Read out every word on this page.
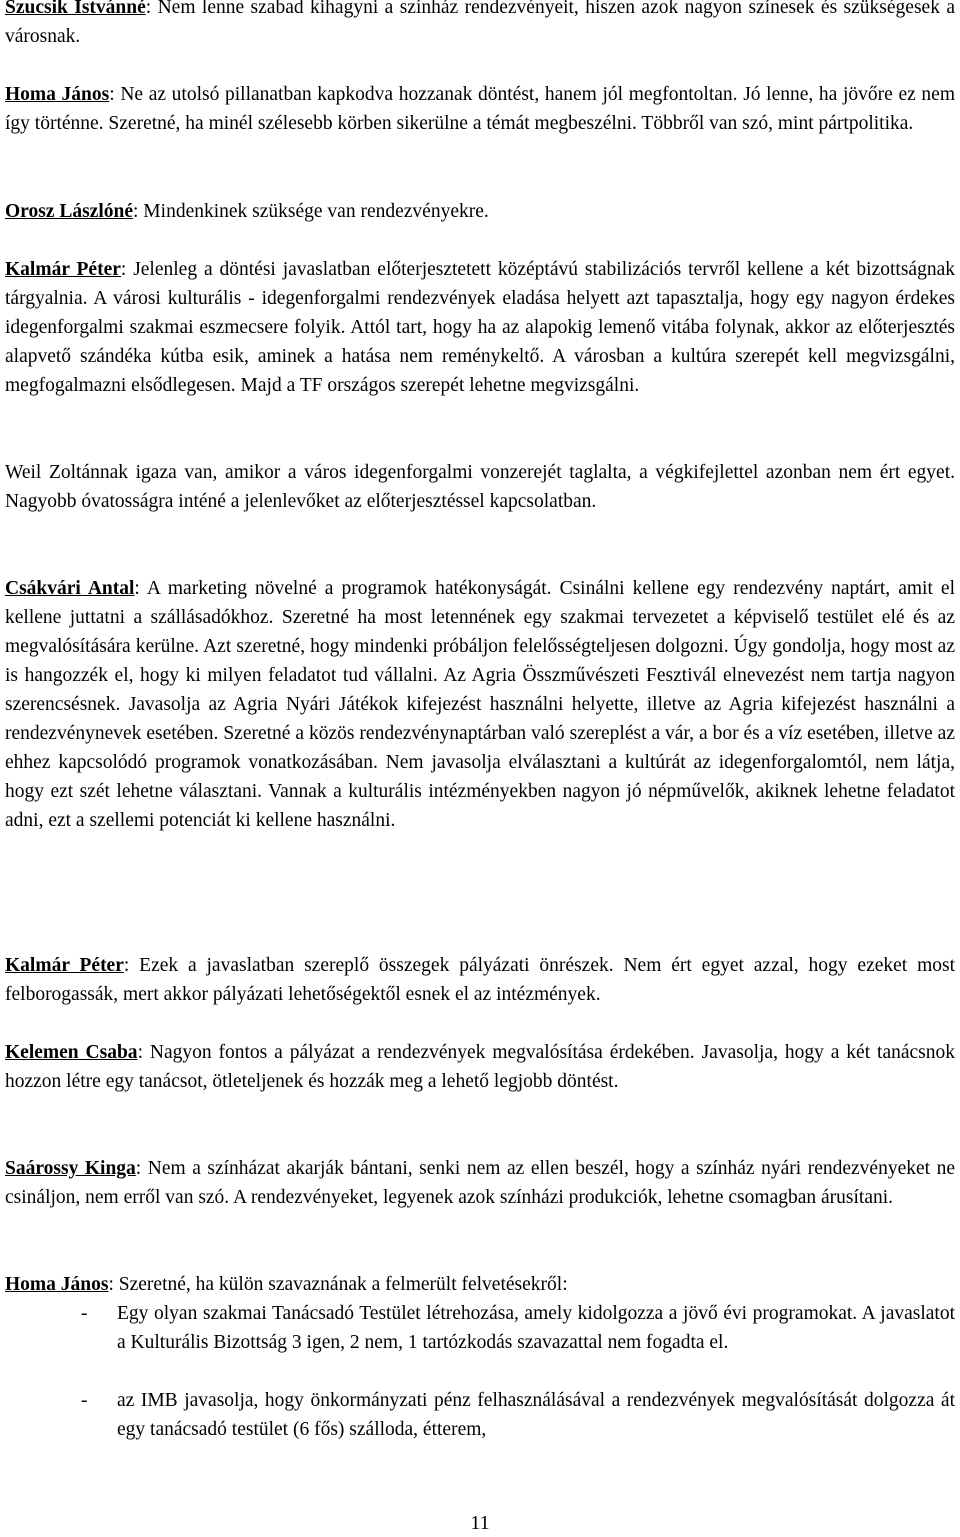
Szucsik Istvánné: Nem lenne szabad kihagyni a színház rendezvényeit, hiszen azok nagyon színesek és szükségesek a városnak.

Homa János: Ne az utolsó pillanatban kapkodva hozzanak döntést, hanem jól megfontoltan. Jó lenne, ha jövőre ez nem így történne. Szeretné, ha minél szélesebb körben sikerülne a témát megbeszélni. Többről van szó, mint pártpolitika.

Orosz Lászlóné: Mindenkinek szüksége van rendezvényekre.

Kalmár Péter: Jelenleg a döntési javaslatban előterjesztetett középtávú stabilizációs tervről kellene a két bizottságnak tárgyalnia. A városi kulturális - idegenforgalmi rendezvények eladása helyett azt tapasztalja, hogy egy nagyon érdekes idegenforgalmi szakmai eszmecsere folyik. Attól tart, hogy ha az alapokig lemenő vitába folynak, akkor az előterjesztés alapvető szándéka kútba esik, aminek a hatása nem reménykeltő. A városban a kultúra szerepét kell megvizsgálni, megfogalmazni elsődlegesen. Majd a TF országos szerepét lehetne megvizsgálni.

Weil Zoltánnak igaza van, amikor a város idegenforgalmi vonzerejét taglalta, a végkifejlettel azonban nem ért egyet. Nagyobb óvatosságra inténé a jelenlevőket az előterjesztéssel kapcsolatban.

Csákvári Antal: A marketing növelné a programok hatékonyságát. Csinálni kellene egy rendezvény naptárt, amit el kellene juttatni a szállásadókhoz. Szeretné ha most letennének egy szakmai tervezetet a képviselő testület elé és az megvalósítására kerülne. Azt szeretné, hogy mindenki próbáljon felelősségteljesen dolgozni. Úgy gondolja, hogy most az is hangozzék el, hogy ki milyen feladatot tud vállalni. Az Agria Összművészeti Fesztivál elnevezést nem tartja nagyon szerencsésnek. Javasolja az Agria Nyári Játékok kifejezést használni helyette, illetve az Agria kifejezést használni a rendezvénynevek esetében. Szeretné a közös rendezvénynaptárban való szereplést a vár, a bor és a víz esetében, illetve az ehhez kapcsolódó programok vonatkozásában. Nem javasolja elválasztani a kultúrát az idegenforgalomtól, nem látja, hogy ezt szét lehetne választani. Vannak a kulturális intézményekben nagyon jó népművelők, akiknek lehetne feladatot adni, ezt a szellemi potenciát ki kellene használni.

Kalmár Péter: Ezek a javaslatban szereplő összegek pályázati önrészek. Nem ért egyet azzal, hogy ezeket most felborogassák, mert akkor pályázati lehetőségektől esnek el az intézmények.

Kelemen Csaba: Nagyon fontos a pályázat a rendezvények megvalósítása érdekében. Javasolja, hogy a két tanácsnok hozzon létre egy tanácsot, ötleteljenek és hozzák meg a lehető legjobb döntést.

Saárossy Kinga: Nem a színházat akarják bántani, senki nem az ellen beszél, hogy a színház nyári rendezvényeket ne csináljon, nem erről van szó. A rendezvényeket, legyenek azok színházi produkciók, lehetne csomagban árusítani.

Homa János: Szeretné, ha külön szavaznának a felmerült felvetésekről:

- Egy olyan szakmai Tanácsadó Testület létrehozása, amely kidolgozza a jövő évi programokat. A javaslatot a Kulturális Bizottság 3 igen, 2 nem, 1 tartózkodás szavazattal nem fogadta el.
- az IMB javasolja, hogy önkormányzati pénz felhasználásával a rendezvények megvalósítását dolgozza át egy tanácsadó testület (6 fős) szálloda, étterem,
11
